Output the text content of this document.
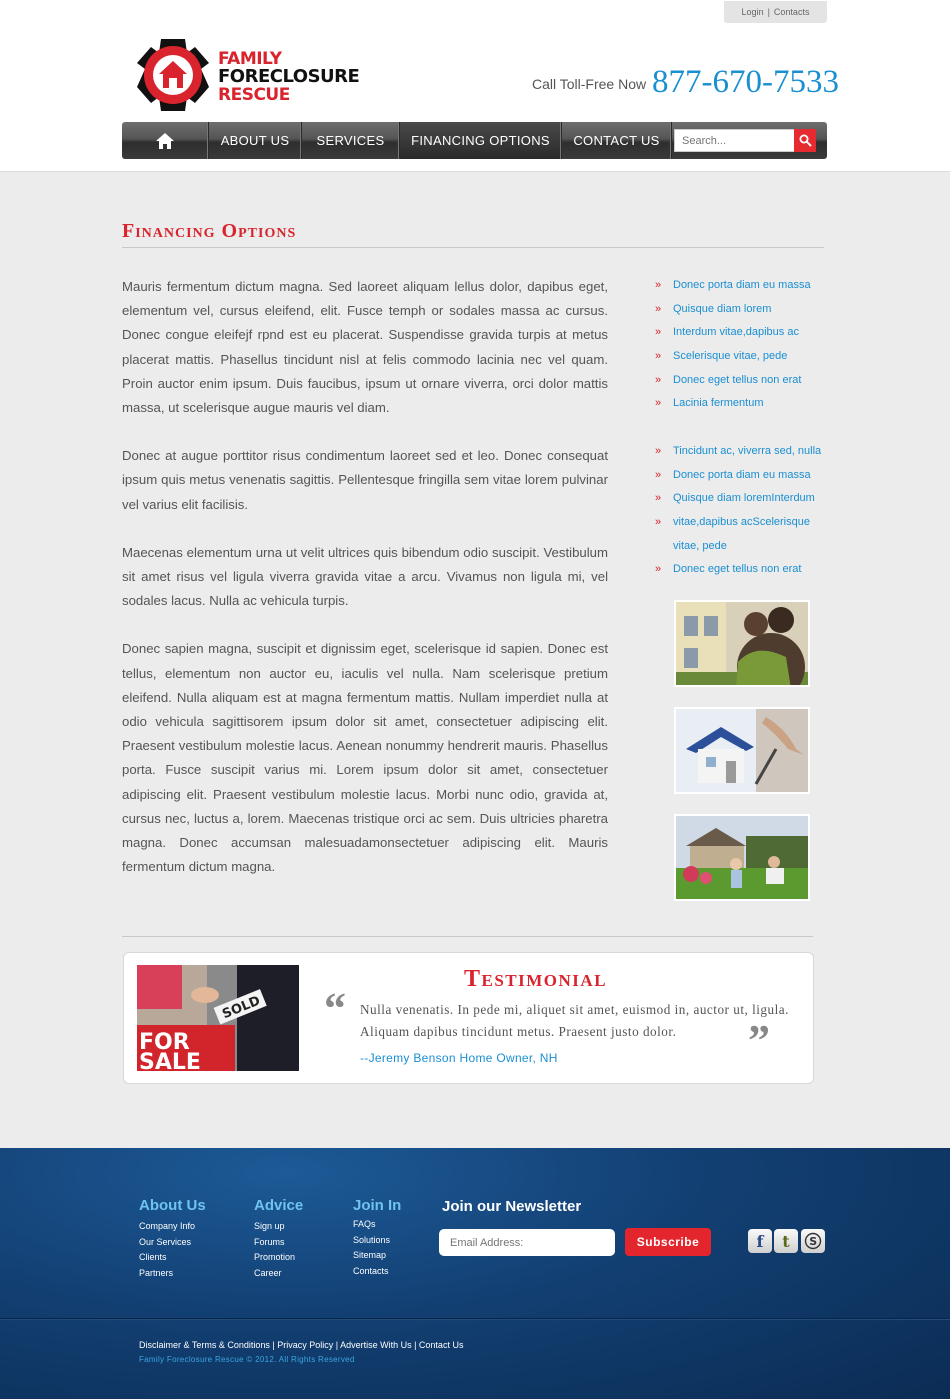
Login | Contacts
FAMILY
FORECLOSURE
RESCUE
Call Toll-Free Now 877-670-7533
ABOUT US	SERVICES	FINANCING OPTIONS	CONTACT US
Search...
Financing Options

Mauris fermentum dictum magna. Sed laoreet aliquam lellus dolor, dapibus eget, elementum vel, cursus eleifend, elit. Fusce temph or sodales massa ac cursus. Donec congue eleifejf rpnd est eu placerat. Suspendisse gravida turpis at metus placerat mattis. Phasellus tincidunt nisl at felis commodo lacinia nec vel quam. Proin auctor enim ipsum. Duis faucibus, ipsum ut ornare viverra, orci dolor mattis massa, ut scelerisque augue mauris vel diam.

Donec at augue porttitor risus condimentum laoreet sed et leo. Donec consequat ipsum quis metus venenatis sagittis. Pellentesque fringilla sem vitae lorem pulvinar vel varius elit facilisis.

Maecenas elementum urna ut velit ultrices quis bibendum odio suscipit. Vestibulum sit amet risus vel ligula viverra gravida vitae a arcu. Vivamus non ligula mi, vel sodales lacus. Nulla ac vehicula turpis.

Donec sapien magna, suscipit et dignissim eget, scelerisque id sapien. Donec est tellus, elementum non auctor eu, iaculis vel nulla. Nam scelerisque pretium eleifend. Nulla aliquam est at magna fermentum mattis. Nullam imperdiet nulla at odio vehicula sagittisorem ipsum dolor sit amet, consectetuer adipiscing elit. Praesent vestibulum molestie lacus. Aenean nonummy hendrerit mauris. Phasellus porta. Fusce suscipit varius mi. Lorem ipsum dolor sit amet, consectetuer adipiscing elit. Praesent vestibulum molestie lacus. Morbi nunc odio, gravida at, cursus nec, luctus a, lorem. Maecenas tristique orci ac sem. Duis ultricies pharetra magna. Donec accumsan malesuadamonsectetuer adipiscing elit. Mauris fermentum dictum magna.

»	Donec porta diam eu massa
»	Quisque diam lorem
»	Interdum vitae,dapibus ac
»	Scelerisque vitae, pede
»	Donec eget tellus non erat
»	Lacinia fermentum
»	Tincidunt ac, viverra sed, nulla
»	Donec porta diam eu massa
»	Quisque diam loremInterdum
»	vitae,dapibus acScelerisque
vitae, pede
»	Donec eget tellus non erat
FOR
SALE
SOLD
Testimonial
“ Nulla venenatis. In pede mi, aliquet sit amet, euismod in, auctor ut, ligula. Aliquam dapibus tincidunt metus. Praesent justo dolor.	”
--Jeremy Benson Home Owner, NH
About Us
Company Info
Our Services
Clients
Partners
Advice
Sign up
Forums
Promotion
Career
Join In
FAQs
Solutions
Sitemap
Contacts
Join our Newsletter
Email Address:
Subscribe	f	t	S
Disclaimer & Terms & Conditions | Privacy Policy | Advertise With Us | Contact Us
Family Foreclosure Rescue © 2012. All Rights Reserved
